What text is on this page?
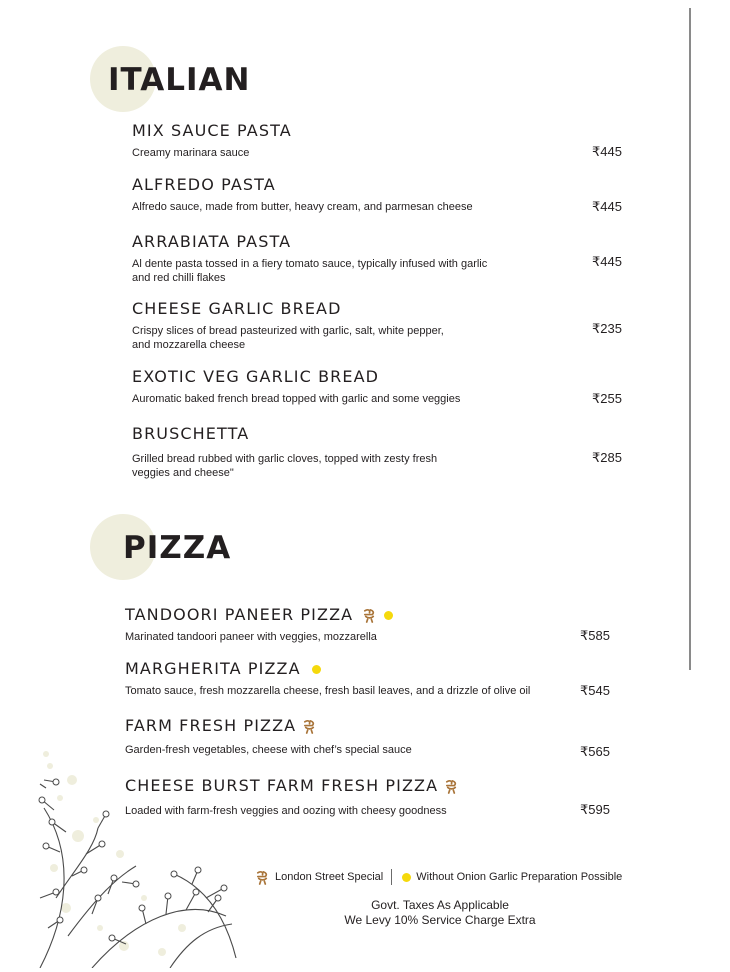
ITALIAN
MIX SAUCE PASTA
Creamy marinara sauce	₹445
ALFREDO PASTA
Alfredo sauce, made from butter, heavy cream, and parmesan cheese	₹445
ARRABIATA PASTA
Al dente pasta tossed in a fiery tomato sauce, typically infused with garlic and red chilli flakes
₹445
CHEESE GARLIC BREAD
Crispy slices of bread pasteurized with garlic, salt, white pepper, and mozzarella cheese
₹235
EXOTIC VEG GARLIC BREAD
Auromatic baked french bread topped with garlic and some veggies	₹255
BRUSCHETTA
Grilled bread rubbed with garlic cloves, topped with zesty fresh veggies and cheese"
₹285
PIZZA
TANDOORI PANEER PIZZA
Marinated tandoori paneer with veggies, mozzarella	₹585
MARGHERITA PIZZA
Tomato sauce, fresh mozzarella cheese, fresh basil leaves, and a drizzle of olive oil	₹545
FARM FRESH PIZZA
Garden-fresh vegetables, cheese with chef’s special sauce	₹565
CHEESE BURST FARM FRESH PIZZA
Loaded with farm-fresh veggies and oozing with cheesy goodness	₹595
London Street Special	Without Onion Garlic Preparation Possible
Govt. Taxes As Applicable
We Levy 10% Service Charge Extra
